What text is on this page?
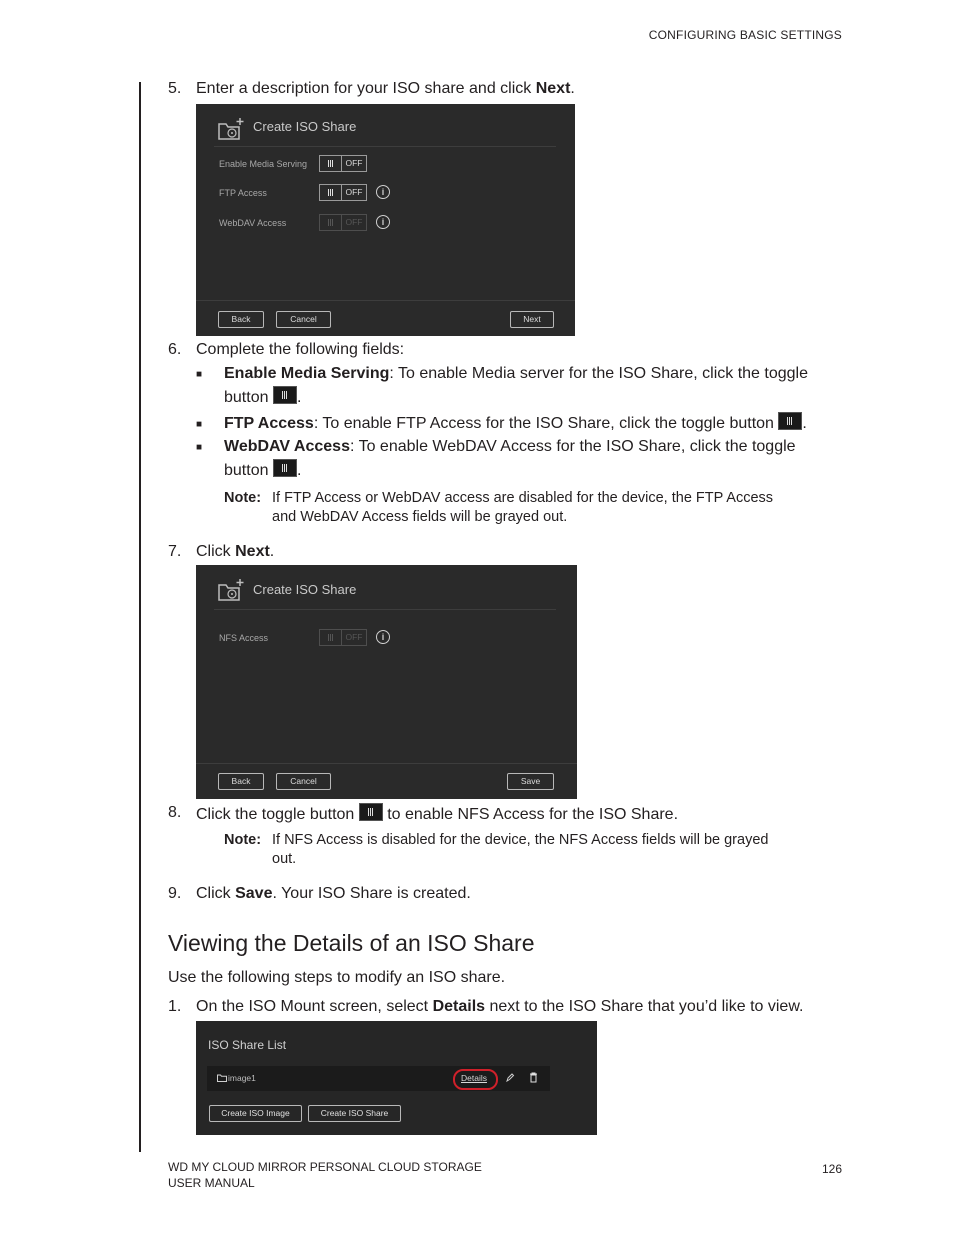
CONFIGURING BASIC SETTINGS
5. Enter a description for your ISO share and click Next.
Create ISO Share
Enable Media Serving	OFF
FTP Access	OFF	i
WebDAV Access	OFF	i
Back	Cancel	Next
6. Complete the following fields:
■ Enable Media Serving: To enable Media server for the ISO Share, click the toggle button .
■ FTP Access: To enable FTP Access for the ISO Share, click the toggle button .
■ WebDAV Access: To enable WebDAV Access for the ISO Share, click the toggle button .
Note: If FTP Access or WebDAV access are disabled for the device, the FTP Access and WebDAV Access fields will be grayed out.
7. Click Next.
Create ISO Share
NFS Access	OFF	i
Back	Cancel	Save
8. Click the toggle button  to enable NFS Access for the ISO Share.
Note: If NFS Access is disabled for the device, the NFS Access fields will be grayed out.
9. Click Save. Your ISO Share is created.
Viewing the Details of an ISO Share
Use the following steps to modify an ISO share.
1. On the ISO Mount screen, select Details next to the ISO Share that you’d like to view.
ISO Share List
image1	Details
Create ISO Image	Create ISO Share
WD MY CLOUD MIRROR PERSONAL CLOUD STORAGE
USER MANUAL
126
